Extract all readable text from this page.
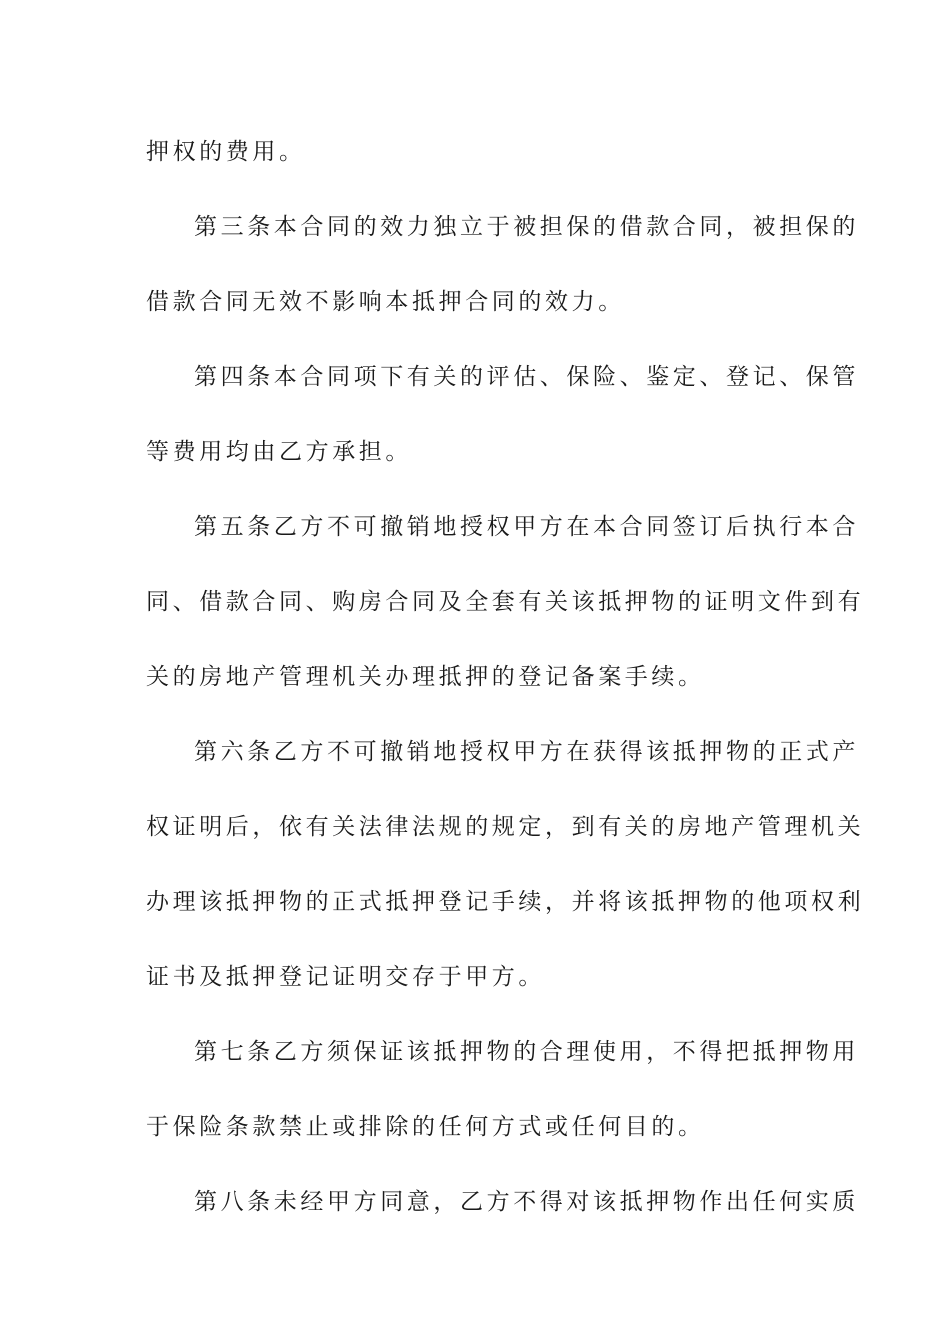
押权的费用。
第三条本合同的效力独立于被担保的借款合同，被担保的
借款合同无效不影响本抵押合同的效力。
第四条本合同项下有关的评估、保险、鉴定、登记、保管
等费用均由乙方承担。
第五条乙方不可撤销地授权甲方在本合同签订后执行本合
同、借款合同、购房合同及全套有关该抵押物的证明文件到有
关的房地产管理机关办理抵押的登记备案手续。
第六条乙方不可撤销地授权甲方在获得该抵押物的正式产
权证明后，依有关法律法规的规定，到有关的房地产管理机关
办理该抵押物的正式抵押登记手续，并将该抵押物的他项权利
证书及抵押登记证明交存于甲方。
第七条乙方须保证该抵押物的合理使用，不得把抵押物用
于保险条款禁止或排除的任何方式或任何目的。
第八条未经甲方同意，乙方不得对该抵押物作出任何实质
